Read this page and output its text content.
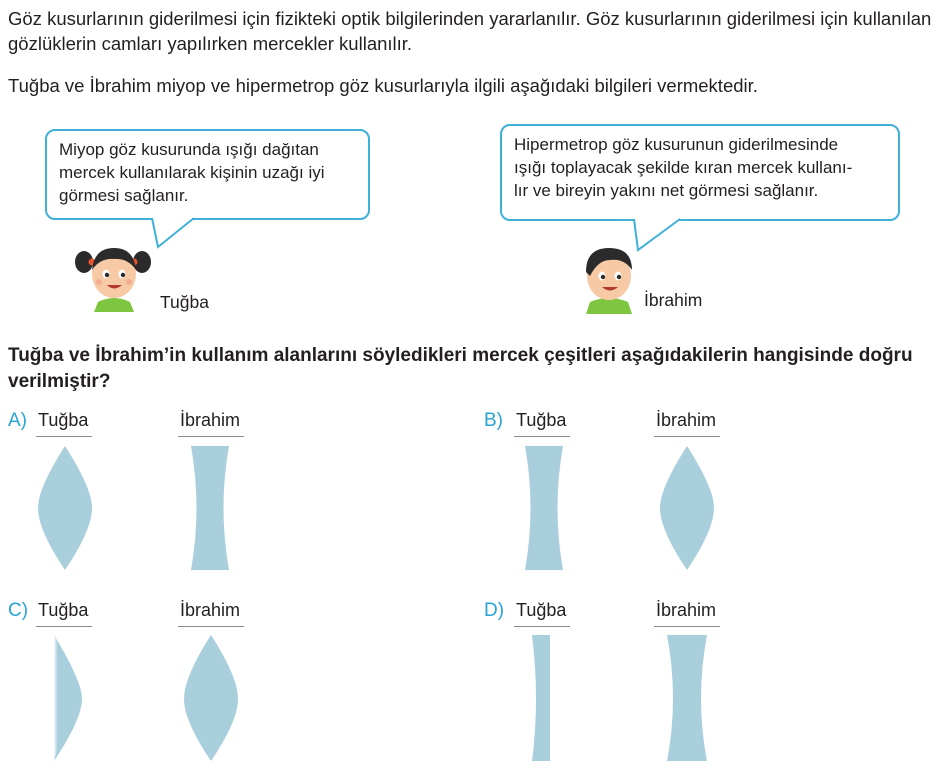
Göz kusurlarının giderilmesi için fizikteki optik bilgilerinden yararlanılır. Göz kusurlarının giderilmesi için kullanılan gözlüklerin camları yapılırken mercekler kullanılır.

Tuğba ve İbrahim miyop ve hipermetrop göz kusurlarıyla ilgili aşağıdaki bilgileri vermektedir.

Miyop göz kusurunda ışığı dağıtan

mercek kullanılarak kişinin uzağı iyi

görmesi sağlanır.

Hipermetrop göz kusurunun giderilmesinde

ışığı toplayacak şekilde kıran mercek kullanı-

lır ve bireyin yakını net görmesi sağlanır.

Tuğba	İbrahim

Tuğba ve İbrahim’in kullanım alanlarını söyledikleri mercek çeşitleri aşağıdakilerin hangisinde doğru verilmiştir?

A) Tuğba	İbrahim	B) Tuğba	İbrahim
C) Tuğba	İbrahim	D) Tuğba	İbrahim
